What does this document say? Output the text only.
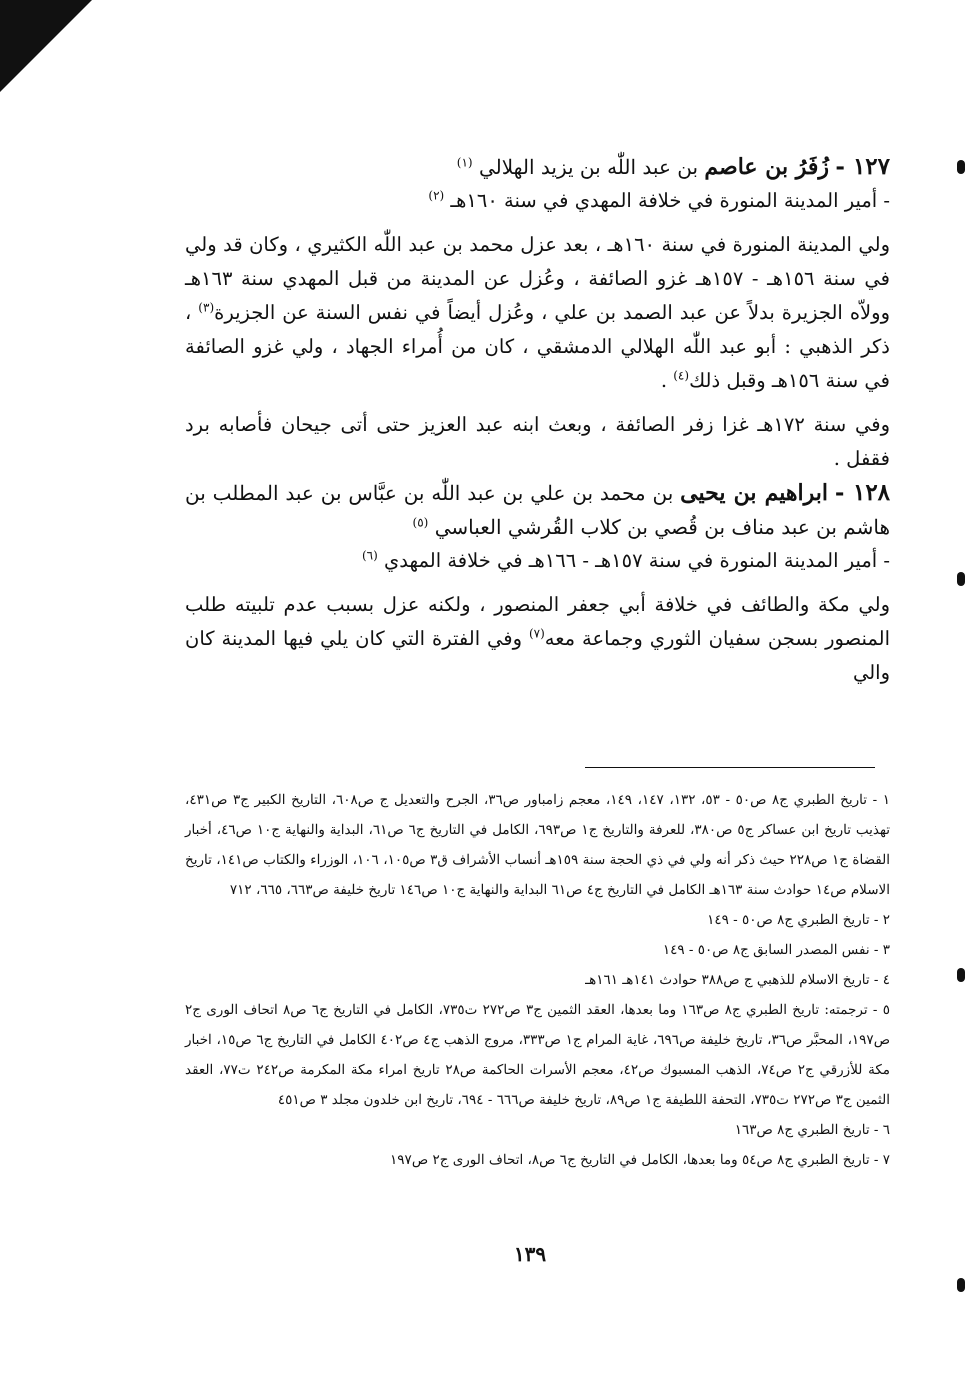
١٢٧ - زُفَرُ بن عاصم بن عبد اللّٰه بن يزيد الهلالي $^{(١)}$

- أمير المدينة المنورة في خلافة المهدي في سنة ١٦٠هـ $^{(٢)}$

ولي المدينة المنورة في سنة ١٦٠هـ ، بعد عزل محمد بن عبد اللّٰه الكثيري ، وكان قد ولي في سنة ١٥٦هـ - ١٥٧هـ غزو الصائفة ، وعُزل عن المدينة من قبل المهدي سنة ١٦٣هـ وولاّه الجزيرة بدلاً عن عبد الصمد بن علي ، وعُزل أيضاً في نفس السنة عن الجزيرة$^{(٣)}$ ، ذكر الذهبي : أبو عبد اللّٰه الهلالي الدمشقي ، كان من أُمراء الجهاد ، ولي غزو الصائفة في سنة ١٥٦هـ وقبل ذلك$^{(٤)}$ .

وفي سنة ١٧٢هـ غزا زفر الصائفة ، وبعث ابنه عبد العزيز حتى أتى جيحان فأصابه برد فقفل .

١٢٨ - ابراهيم بن يحيى بن محمد بن علي بن عبد اللّٰه بن عبَّاس بن عبد المطلب بن هاشم بن عبد مناف بن قُصي بن كلاب القُرشي العباسي $^{(٥)}$

- أمير المدينة المنورة في سنة ١٥٧هـ - ١٦٦هـ في خلافة المهدي $^{(٦)}$

ولي مكة والطائف في خلافة أبي جعفر المنصور ، ولكنه عزل بسبب عدم تلبيته طلب المنصور بسجن سفيان الثوري وجماعة معه$^{(٧)}$ وفي الفترة التي كان يلي فيها المدينة كان والي

١ - تاريخ الطبري ج٨ ص٥٠ - ٥٣، ١٣٢، ١٤٧، ١٤٩، معجم زامباور ص٣٦، الجرح والتعديل ج ص٦٠٨، التاريخ الكبير ج٣ ص٤٣١، تهذيب تاريخ ابن عساكر ج٥ ص٣٨٠، للعرفة والتاريخ ج١ ص٦٩٣، الكامل في التاريخ ج٦ ص٦١، البداية والنهاية ج١٠ ص٤٦، أخبار القضاة ج١ ص٢٢٨ حيث ذكر أنه ولي في ذي الحجة سنة ١٥٩هـ أنساب الأشراف ق٣ ص١٠٥، ١٠٦، الوزراء والكتاب ص١٤١، تاريخ الاسلام ص١٤ حوادث سنة ١٦٣هـ الكامل في التاريخ ج٤ ص٦١ البداية والنهاية ج١٠ ص١٤٦ تاريخ خليفة ص٦٦٣، ٦٦٥، ٧١٢

٢ - تاريخ الطبري ج٨ ص٥٠ - ١٤٩

٣ - نفس المصدر السابق ج٨ ص٥٠ - ١٤٩

٤ - تاريخ الاسلام للذهبي ج ص٣٨٨ حوادث ١٤١هـ ١٦١هـ

٥ - ترجمته: تاريخ الطبري ج٨ ص١٦٣ وما بعدها، العقد الثمين ج٣ ص٢٧٢ ت٧٣٥، الكامل في التاريخ ج٦ ص٨ اتحاف الورى ج٢ ص١٩٧، المحبَّر ص٣٦، تاريخ خليفة ص٦٩٦، غاية المرام ج١ ص٣٣٣، مروج الذهب ج٤ ص٤٠٢ الكامل في التاريخ ج٦ ص١٥، اخبار مكة للأزرقي ج٢ ص٧٤، الذهب المسبوك ص٤٢، معجم الأسرات الحاكمة ص٢٨ تاريخ امراء مكة المكرمة ص٢٤٢ ت٧٧، العقد الثمين ج٣ ص٢٧٢ ت٧٣٥، التحفة اللطيفة ج١ ص٨٩، تاريخ خليفة ص٦٦٦ - ٦٩٤، تاريخ ابن خلدون مجلد ٣ ص٤٥١

٦ - تاريخ الطبري ج٨ ص١٦٣

٧ - تاريخ الطبري ج٨ ص٥٤ وما بعدها، الكامل في التاريخ ج٦ ص٨، اتحاف الورى ج٢ ص١٩٧

١٣٩
